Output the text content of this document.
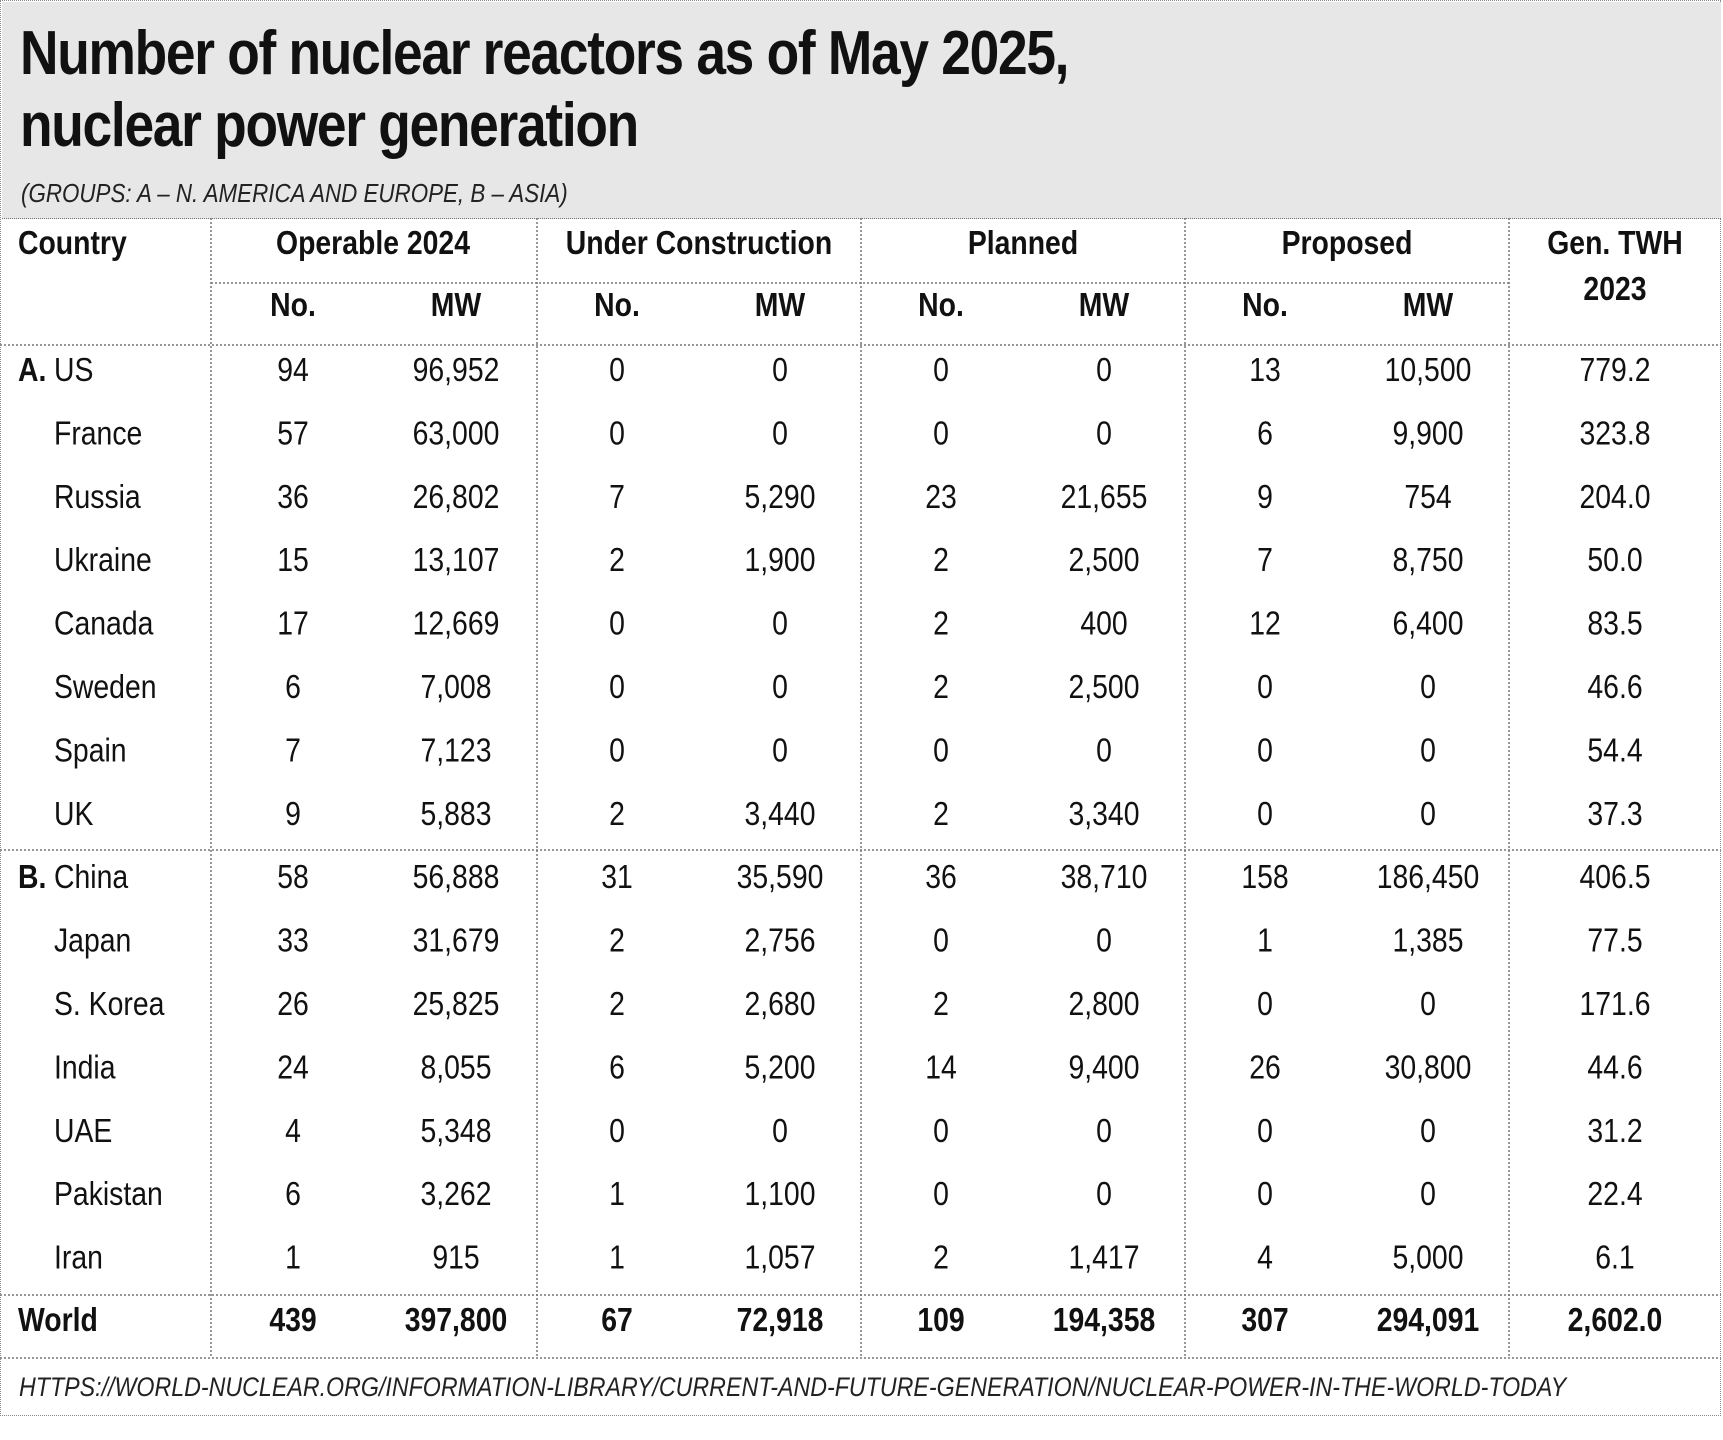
Number of nuclear reactors as of May 2025,
nuclear power generation
(GROUPS: A – N. AMERICA AND EUROPE, B – ASIA)
Country	Operable 2024
No.	MW
Under Construction
No.	MW
Planned
No.	MW
Proposed
No.	MW
Gen. TWH
2023
A. US	94	96,952	0	0	0	0	13	10,500	779.2
France	57	63,000	0	0	0	0	6	9,900	323.8
Russia	36	26,802	7	5,290	23	21,655	9	754	204.0
Ukraine	15	13,107	2	1,900	2	2,500	7	8,750	50.0
Canada	17	12,669	0	0	2	400	12	6,400	83.5
Sweden	6	7,008	0	0	2	2,500	0	0	46.6
Spain	7	7,123	0	0	0	0	0	0	54.4
UK	9	5,883	2	3,440	2	3,340	0	0	37.3
B. China	58	56,888	31	35,590	36	38,710	158	186,450	406.5
Japan	33	31,679	2	2,756	0	0	1	1,385	77.5
S. Korea	26	25,825	2	2,680	2	2,800	0	0	171.6
India	24	8,055	6	5,200	14	9,400	26	30,800	44.6
UAE	4	5,348	0	0	0	0	0	0	31.2
Pakistan	6	3,262	1	1,100	0	0	0	0	22.4
Iran	1	915	1	1,057	2	1,417	4	5,000	6.1
World	439	397,800	67	72,918	109	194,358	307	294,091	2,602.0
HTTPS://WORLD-NUCLEAR.ORG/INFORMATION-LIBRARY/CURRENT-AND-FUTURE-GENERATION/NUCLEAR-POWER-IN-THE-WORLD-TODAY
